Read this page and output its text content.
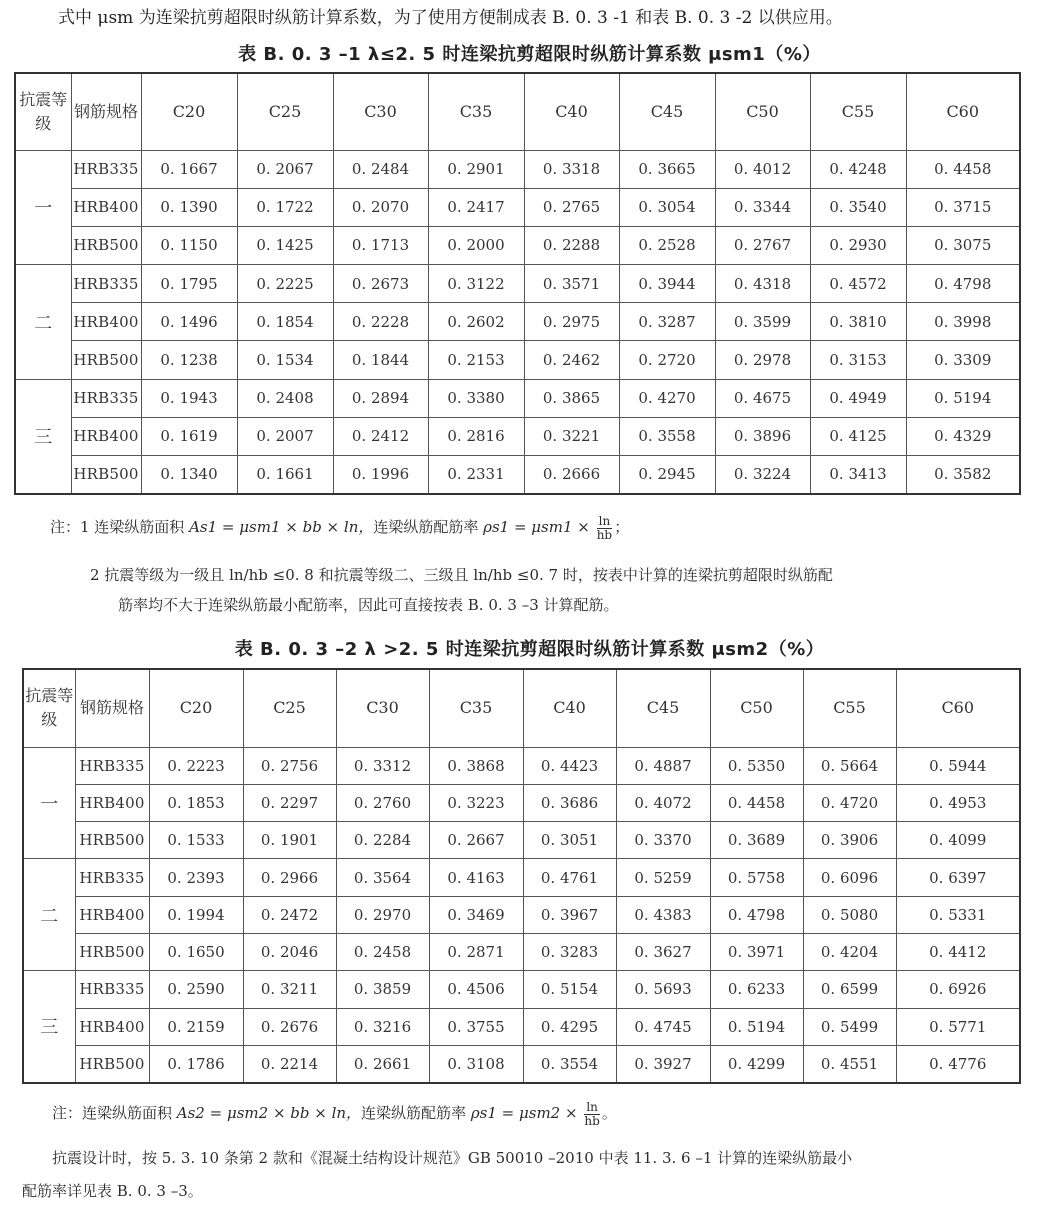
式中 μsm 为连梁抗剪超限时纵筋计算系数，为了使用方便制成表 B. 0. 3 -1 和表 B. 0. 3 -2 以供应用。
表 B. 0. 3 –1 λ≤2. 5 时连梁抗剪超限时纵筋计算系数 μsm1（%）
抗震等级	钢筋规格	C20	C25	C30	C35	C40	C45	C50	C55	C60
一	HRB335	0. 1667	0. 2067	0. 2484	0. 2901	0. 3318	0. 3665	0. 4012	0. 4248	0. 4458
	HRB400	0. 1390	0. 1722	0. 2070	0. 2417	0. 2765	0. 3054	0. 3344	0. 3540	0. 3715
	HRB500	0. 1150	0. 1425	0. 1713	0. 2000	0. 2288	0. 2528	0. 2767	0. 2930	0. 3075
二	HRB335	0. 1795	0. 2225	0. 2673	0. 3122	0. 3571	0. 3944	0. 4318	0. 4572	0. 4798
	HRB400	0. 1496	0. 1854	0. 2228	0. 2602	0. 2975	0. 3287	0. 3599	0. 3810	0. 3998
	HRB500	0. 1238	0. 1534	0. 1844	0. 2153	0. 2462	0. 2720	0. 2978	0. 3153	0. 3309
三	HRB335	0. 1943	0. 2408	0. 2894	0. 3380	0. 3865	0. 4270	0. 4675	0. 4949	0. 5194
	HRB400	0. 1619	0. 2007	0. 2412	0. 2816	0. 3221	0. 3558	0. 3896	0. 4125	0. 4329
	HRB500	0. 1340	0. 1661	0. 1996	0. 2331	0. 2666	0. 2945	0. 3224	0. 3413	0. 3582
注：1 连梁纵筋面积 As1 = μsm1 × bb × ln，连梁纵筋配筋率 $\rho s1 = \mu sm1 \times \frac{\ln}{hb}$ ；
2 抗震等级为一级且 ln/hb ≤0. 8 和抗震等级二、三级且 ln/hb ≤0. 7 时，按表中计算的连梁抗剪超限时纵筋配
筋率均不大于连梁纵筋最小配筋率，因此可直接按表 B. 0. 3 –3 计算配筋。
表 B. 0. 3 –2 λ >2. 5 时连梁抗剪超限时纵筋计算系数 μsm2（%）
抗震等级	钢筋规格	C20	C25	C30	C35	C40	C45	C50	C55	C60
一	HRB335	0. 2223	0. 2756	0. 3312	0. 3868	0. 4423	0. 4887	0. 5350	0. 5664	0. 5944
	HRB400	0. 1853	0. 2297	0. 2760	0. 3223	0. 3686	0. 4072	0. 4458	0. 4720	0. 4953
	HRB500	0. 1533	0. 1901	0. 2284	0. 2667	0. 3051	0. 3370	0. 3689	0. 3906	0. 4099
二	HRB335	0. 2393	0. 2966	0. 3564	0. 4163	0. 4761	0. 5259	0. 5758	0. 6096	0. 6397
	HRB400	0. 1994	0. 2472	0. 2970	0. 3469	0. 3967	0. 4383	0. 4798	0. 5080	0. 5331
	HRB500	0. 1650	0. 2046	0. 2458	0. 2871	0. 3283	0. 3627	0. 3971	0. 4204	0. 4412
三	HRB335	0. 2590	0. 3211	0. 3859	0. 4506	0. 5154	0. 5693	0. 6233	0. 6599	0. 6926
	HRB400	0. 2159	0. 2676	0. 3216	0. 3755	0. 4295	0. 4745	0. 5194	0. 5499	0. 5771
	HRB500	0. 1786	0. 2214	0. 2661	0. 3108	0. 3554	0. 3927	0. 4299	0. 4551	0. 4776
注：连梁纵筋面积 As2 = μsm2 × bb × ln，连梁纵筋配筋率 $\rho s1 = \mu sm2 \times \frac{\ln}{hb}$ 。
抗震设计时，按 5. 3. 10 条第 2 款和《混凝土结构设计规范》GB 50010 –2010 中表 11. 3. 6 –1 计算的连梁纵筋最小
配筋率详见表 B. 0. 3 –3。
